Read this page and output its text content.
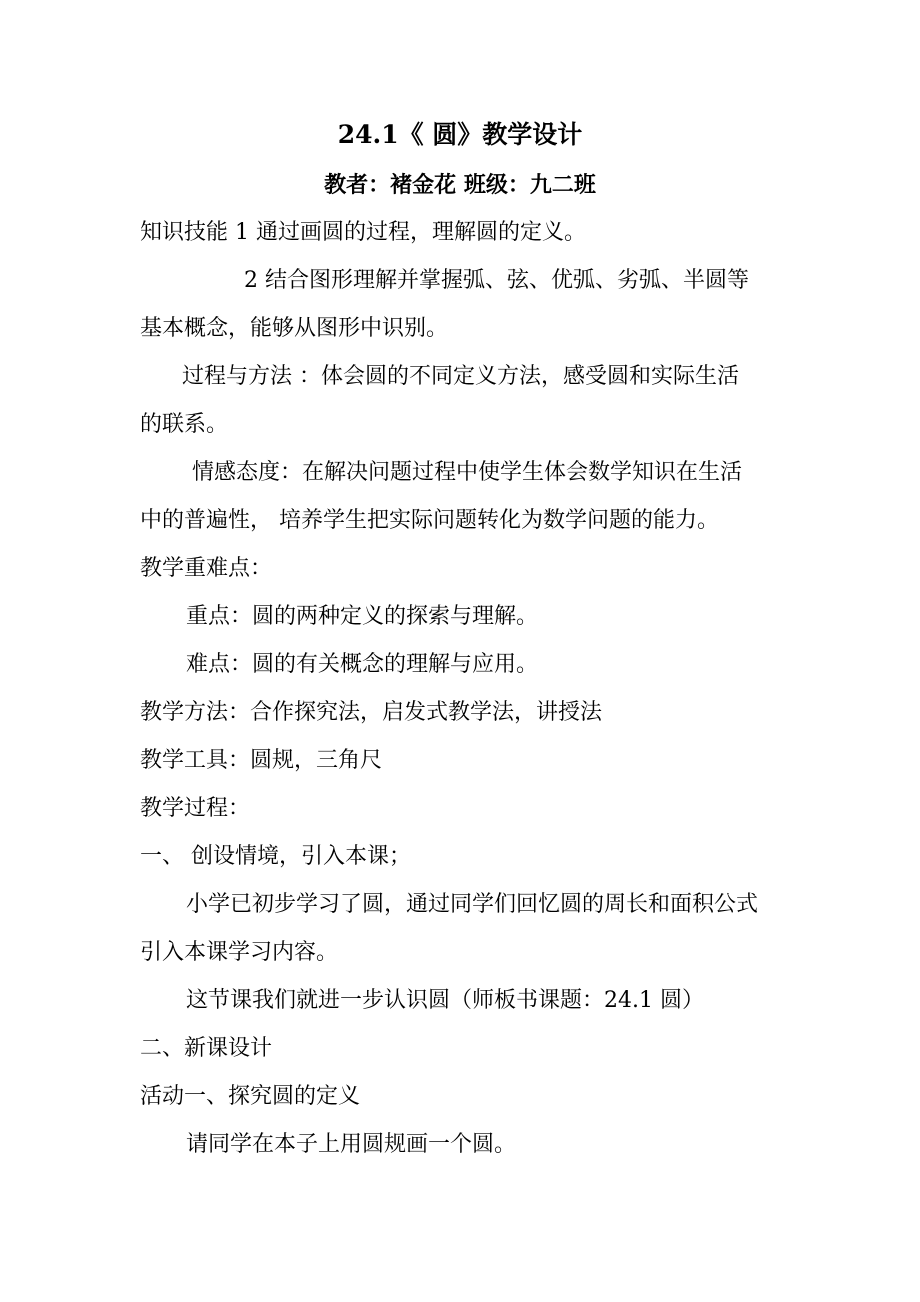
24.1《 圆》教学设计
教者：褚金花 班级：九二班
知识技能 1 通过画圆的过程，理解圆的定义。
2 结合图形理解并掌握弧、弦、优弧、劣弧、半圆等
基本概念，能够从图形中识别。
过程与方法 ：体会圆的不同定义方法，感受圆和实际生活
的联系。
情感态度：在解决问题过程中使学生体会数学知识在生活
中的普遍性， 培养学生把实际问题转化为数学问题的能力。
教学重难点：
重点：圆的两种定义的探索与理解。
难点：圆的有关概念的理解与应用。
教学方法：合作探究法，启发式教学法，讲授法
教学工具：圆规，三角尺
教学过程：
一、 创设情境，引入本课；
小学已初步学习了圆，通过同学们回忆圆的周长和面积公式
引入本课学习内容。
这节课我们就进一步认识圆（师板书课题：24.1 圆）
二、新课设计
活动一、探究圆的定义
请同学在本子上用圆规画一个圆。
